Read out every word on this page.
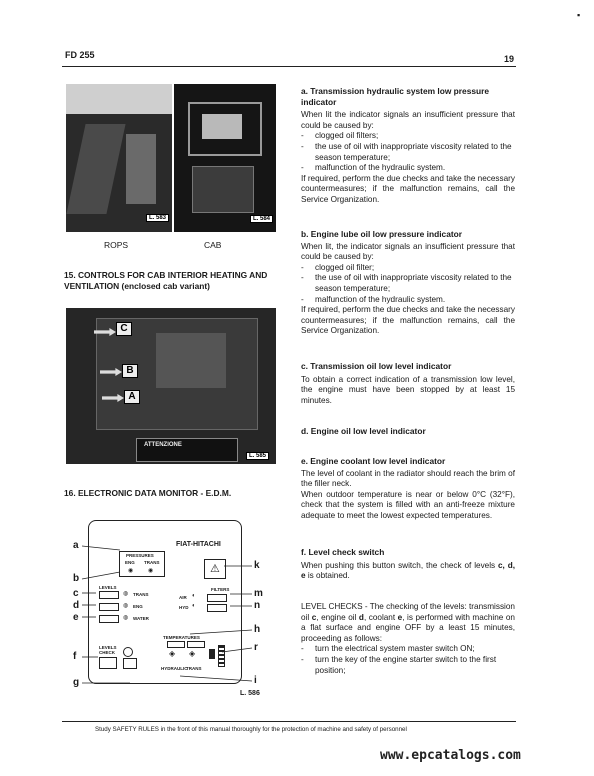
FD 255	19
‎▪
L. 583	L. 584
ROPS	CAB
15. CONTROLS FOR CAB INTERIOR HEATING AND VENTILATION (enclosed cab variant)
C
B
A
ATTENZIONE
L. 585
16. ELECTRONIC DATA MONITOR - E.D.M.
FIAT-HITACHI
PRESSURES
ENG TRANS
◉ ◉	⚠
LEVELS
◍ TRANS
◍ ENG
◍ WATER
FILTERS
AIR ◐
HYD ◐
TEMPERATURES
◈ ◈
HYDRAULIC
TRANS
LEVELS CHECK
a
b
c
d
e
f
g
k
m
n
h
r
i
L. 586
a. Transmission hydraulic system low pressure indicator

When lit the indicator signals an insufficient pressure that could be caused by:

- clogged oil filters;
- the use of oil with inappropriate viscosity related to the season temperature;
- malfunction of the hydraulic system.

If required, perform the due checks and take the necessary countermeasures; if the malfunction remains, call the Service Organization.

b. Engine lube oil low pressure indicator

When lit, the indicator signals an insufficient pressure that could be caused by:

- clogged oil filter;
- the use of oil with inappropriate viscosity related to the season temperature;
- malfunction of the hydraulic system.

If required, perform the due checks and take the necessary countermeasures; if the malfunction remains, call the Service Organization.

c. Transmission oil low level indicator

To obtain a correct indication of a transmission low level, the engine must have been stopped by at least 15 minutes.

d. Engine oil low level indicator
e. Engine coolant low level indicator

The level of coolant in the radiator should reach the brim of the filler neck.

When outdoor temperature is near or below 0°C (32°F), check that the system is filled with an anti-freeze mixture adequate to meet the lowest expected temperatures.

f. Level check switch

When pushing this button switch, the check of levels c, d, e is obtained.

LEVEL CHECKS - The checking of the levels: transmission oil c, engine oil d, coolant e, is performed with machine on a flat surface and engine OFF by a least 15 minutes, proceeding as follows:

- turn the electrical system master switch ON;
- turn the key of the engine starter switch to the first position;
Study SAFETY RULES in the front of this manual thoroughly for the protection of machine and safety of personnel
www.epcatalogs.com
